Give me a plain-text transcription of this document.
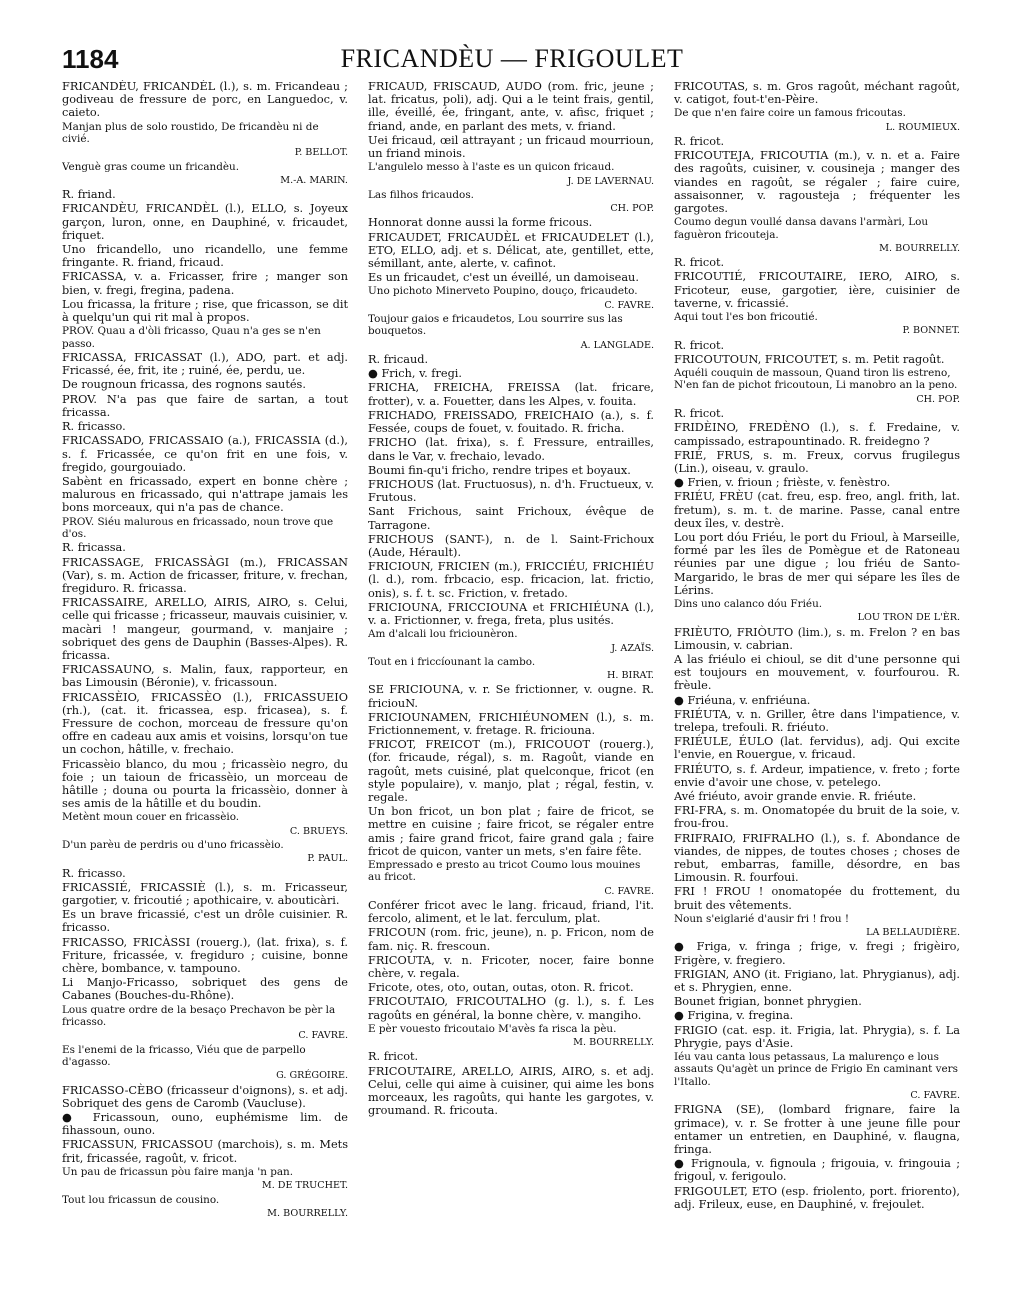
1184	FRICANDÈU — FRIGOULET

FRICANDÈU, FRICANDÈL (l.), s. m. Fricandeau ; godiveau de fressure de porc, en Languedoc, v. caieto.

Manjan plus de solo roustido, De fricandèu ni de civié.

P. BELLOT.

Venguè gras coume un fricandèu.

M.-A. MARIN.

R. friand.

FRICANDÈU, FRICANDÈL (l.), ELLO, s. Joyeux garçon, luron, onne, en Dauphiné, v. fricaudet, friquet.

Uno fricandello, uno ricandello, une femme fringante. R. friand, fricaud.

FRICASSA, v. a. Fricasser, frire ; manger son bien, v. fregi, fregina, padena.

Lou fricassa, la friture ; rise, que fricasson, se dit à quelqu'un qui rit mal à propos.

PROV. Quau a d'òli fricasso, Quau n'a ges se n'en passo.

FRICASSA, FRICASSAT (l.), ADO, part. et adj. Fricassé, ée, frit, ite ; ruiné, ée, perdu, ue.

De rougnoun fricassa, des rognons sautés.

PROV. N'a pas que faire de sartan, a tout fricassa.

R. fricasso.

FRICASSADO, FRICASSAIO (a.), FRICASSIA (d.), s. f. Fricassée, ce qu'on frit en une fois, v. fregido, gourgouiado.

Sabènt en fricassado, expert en bonne chère ; malurous en fricassado, qui n'attrape jamais les bons morceaux, qui n'a pas de chance.

PROV. Siéu malurous en fricassado, noun trove que d'os.

R. fricassa.

FRICASSAGE, FRICASSÀGI (m.), FRICASSAN (Var), s. m. Action de fricasser, friture, v. frechan, fregiduro. R. fricassa.

FRICASSAIRE, ARELLO, AIRIS, AIRO, s. Celui, celle qui fricasse ; fricasseur, mauvais cuisinier, v. macàri ! mangeur, gourmand, v. manjaire ; sobriquet des gens de Dauphin (Basses-Alpes). R. fricassa.

FRICASSAUNO, s. Malin, faux, rapporteur, en bas Limousin (Béronie), v. fricassoun.

FRICASSÈIO, FRICASSÈO (l.), FRICASSUEIO (rh.), (cat. it. fricassea, esp. fricasea), s. f. Fressure de cochon, morceau de fressure qu'on offre en cadeau aux amis et voisins, lorsqu'on tue un cochon, hâtille, v. frechaio.

Fricassèio blanco, du mou ; fricassèio negro, du foie ; un taioun de fricassèio, un morceau de hâtille ; douna ou pourta la fricassèio, donner à ses amis de la hâtille et du boudin.

Metènt moun couer en fricassèio.

C. BRUEYS.

D'un parèu de perdris ou d'uno fricassèio.

P. PAUL.

R. fricasso.

FRICASSIÉ, FRICASSIÈ (l.), s. m. Fricasseur, gargotier, v. fricoutié ; apothicaire, v. abouticàri.

Es un brave fricassié, c'est un drôle cuisinier. R. fricasso.

FRICASSO, FRICÀSSI (rouerg.), (lat. frixa), s. f. Friture, fricassée, v. fregiduro ; cuisine, bonne chère, bombance, v. tampouno.

Li Manjo-Fricasso, sobriquet des gens de Cabanes (Bouches-du-Rhône).

Lous quatre ordre de la besaço Prechavon be pèr la fricasso.

C. FAVRE.

Es l'enemi de la fricasso, Viéu que de parpello d'agasso.

G. GRÉGOIRE.

FRICASSO-CÈBO (fricasseur d'oignons), s. et adj. Sobriquet des gens de Caromb (Vaucluse).

● Fricassoun, ouno, euphémisme lim. de fihassoun, ouno.

FRICASSUN, FRICASSOU (marchois), s. m. Mets frit, fricassée, ragoût, v. fricot.

Un pau de fricassun pòu faire manja 'n pan.

M. DE TRUCHET.

Tout lou fricassun de cousino.

M. BOURRELLY.

FRICAUD, FRISCAUD, AUDO (rom. fric, jeune ; lat. fricatus, poli), adj. Qui a le teint frais, gentil, ille, éveillé, ée, fringant, ante, v. afisc, friquet ; friand, ande, en parlant des mets, v. friand.

Uei fricaud, œil attrayant ; un fricaud mourrioun, un friand minois.

L'angulelo messo à l'aste es un quicon fricaud.

J. DE LAVERNAU.

Las filhos fricaudos.

CH. POP.

Honnorat donne aussi la forme fricous.

FRICAUDET, FRICAUDÈL et FRICAUDELET (l.), ETO, ELLO, adj. et s. Délicat, ate, gentillet, ette, sémillant, ante, alerte, v. cafinot.

Es un fricaudet, c'est un éveillé, un damoiseau.

Uno pichoto Minerveto Poupino, douço, fricaudeto.

C. FAVRE.

Toujour gaios e fricaudetos, Lou sourrire sus las bouquetos.

A. LANGLADE.

R. fricaud.

● Frich, v. fregi.

FRICHA, FREICHA, FREISSA (lat. fricare, frotter), v. a. Fouetter, dans les Alpes, v. fouita.

FRICHADO, FREISSADO, FREICHAIO (a.), s. f. Fessée, coups de fouet, v. fouitado. R. fricha.

FRICHO (lat. frixa), s. f. Fressure, entrailles, dans le Var, v. frechaio, levado.

Boumi fin-qu'i fricho, rendre tripes et boyaux.

FRICHOUS (lat. Fructuosus), n. d'h. Fructueux, v. Frutous.

Sant Frichous, saint Frichoux, évêque de Tarragone.

FRICHOUS (SANT-), n. de l. Saint-Frichoux (Aude, Hérault).

FRICIOUN, FRICIEN (m.), FRICCIÉU, FRICHIÉU (l. d.), rom. frbcacio, esp. fricacion, lat. frictio, onis), s. f. t. sc. Friction, v. fretado.

FRICIOUNA, FRICCIOUNA et FRICHIÉUNA (l.), v. a. Frictionner, v. frega, freta, plus usités.

Am d'alcali lou friciounèron.

J. AZAÏS.

Tout en i friccíounant la cambo.

H. BIRAT.

SE FRICIOUNA, v. r. Se frictionner, v. ougne. R. friciouN.

FRICIOUNAMEN, FRICHIÉUNOMEN (l.), s. m. Frictionnement, v. fretage. R. friciouna.

FRICOT, FREICOT (m.), FRICOUOT (rouerg.), (for. fricaude, régal), s. m. Ragoût, viande en ragoût, mets cuisiné, plat quelconque, fricot (en style populaire), v. manjo, plat ; régal, festin, v. regale.

Un bon fricot, un bon plat ; faire de fricot, se mettre en cuisine ; faire fricot, se régaler entre amis ; faire grand fricot, faire grand gala ; faire fricot de quicon, vanter un mets, s'en faire fête.

Empressado e presto au tricot Coumo lous mouines au fricot.

C. FAVRE.

Conférer fricot avec le lang. fricaud, friand, l'it. fercolo, aliment, et le lat. ferculum, plat.

FRICOUN (rom. fric, jeune), n. p. Fricon, nom de fam. niç. R. frescoun.

FRICOUTA, v. n. Fricoter, nocer, faire bonne chère, v. regala.

Fricote, otes, oto, outan, outas, oton. R. fricot.

FRICOUTAIO, FRICOUTALHO (g. l.), s. f. Les ragoûts en général, la bonne chère, v. mangiho.

E pèr vouesto fricoutaio M'avès fa risca la pèu.

M. BOURRELLY.

R. fricot.

FRICOUTAIRE, ARELLO, AIRIS, AIRO, s. et adj. Celui, celle qui aime à cuisiner, qui aime les bons morceaux, les ragoûts, qui hante les gargotes, v. groumand. R. fricouta.

FRICOUTAS, s. m. Gros ragoût, méchant ragoût, v. catigot, fout-t'en-Pèire.

De que n'en faire coire un famous fricoutas.

L. ROUMIEUX.

R. fricot.

FRICOUTEJA, FRICOUTIA (m.), v. n. et a. Faire des ragoûts, cuisiner, v. cousineja ; manger des viandes en ragoût, se régaler ; faire cuire, assaisonner, v. ragousteja ; fréquenter les gargotes.

Coumo degun voullé dansa davans l'armàri, Lou faguèron fricouteja.

M. BOURRELLY.

R. fricot.

FRICOUTIÉ, FRICOUTAIRE, IERO, AIRO, s. Fricoteur, euse, gargotier, ière, cuisinier de taverne, v. fricassié.

Aqui tout l'es bon fricoutié.

P. BONNET.

R. fricot.

FRICOUTOUN, FRICOUTET, s. m. Petit ragoût.

Aquéli couquin de massoun, Quand tiron lis estreno, N'en fan de pichot fricoutoun, Li manobro an la peno.

CH. POP.

R. fricot.

FRIDÈINO, FREDÈNO (l.), s. f. Fredaine, v. campissado, estrapountinado. R. freidegno ?

FRIÉ, FRUS, s. m. Freux, corvus frugilegus (Lin.), oiseau, v. graulo.

● Frien, v. frioun ; frièste, v. fenèstro.

FRIÉU, FRÈU (cat. freu, esp. freo, angl. frith, lat. fretum), s. m. t. de marine. Passe, canal entre deux îles, v. destrè.

Lou port dóu Friéu, le port du Frioul, à Marseille, formé par les îles de Pomègue et de Ratoneau réunies par une digue ; lou friéu de Santo-Margarido, le bras de mer qui sépare les îles de Lérins.

Dins uno calanco dóu Friéu.

LOU TRON DE L'ÈR.

FRIÈUTO, FRIÒUTO (lim.), s. m. Frelon ? en bas Limousin, v. cabrian.

A las friéulo ei chioul, se dit d'une personne qui est toujours en mouvement, v. fourfourou. R. frèule.

● Friéuna, v. enfriéuna.

FRIÉUTA, v. n. Griller, être dans l'impatience, v. trelepa, trefouli. R. friéuto.

FRIÉULE, ÉULO (lat. fervidus), adj. Qui excite l'envie, en Rouergue, v. fricaud.

FRIÉUTO, s. f. Ardeur, impatience, v. freto ; forte envie d'avoir une chose, v. petelego.

Avé friéuto, avoir grande envie. R. friéute.

FRI-FRA, s. m. Onomatopée du bruit de la soie, v. frou-frou.

FRIFRAIO, FRIFRALHO (l.), s. f. Abondance de viandes, de nippes, de toutes choses ; choses de rebut, embarras, famille, désordre, en bas Limousin. R. fourfoui.

FRI ! FROU ! onomatopée du frottement, du bruit des vêtements.

Noun s'eiglarié d'ausir fri ! frou !

LA BELLAUDIÈRE.

● Friga, v. fringa ; frige, v. fregi ; frigèiro, Frigère, v. fregiero.

FRIGIAN, ANO (it. Frigiano, lat. Phrygianus), adj. et s. Phrygien, enne.

Bounet frigian, bonnet phrygien.

● Frigina, v. fregina.

FRIGIO (cat. esp. it. Frigia, lat. Phrygia), s. f. La Phrygie, pays d'Asie.

Iéu vau canta lous petassaus, La malurenço e lous assauts Qu'agèt un prince de Frigio En caminant vers l'Itallo.

C. FAVRE.

FRIGNA (SE), (lombard frignare, faire la grimace), v. r. Se frotter à une jeune fille pour entamer un entretien, en Dauphiné, v. flaugna, fringa.

● Frignoula, v. fignoula ; frigouia, v. fringouia ; frigoul, v. ferigoulo.

FRIGOULET, ETO (esp. friolento, port. friorento), adj. Frileux, euse, en Dauphiné, v. frejoulet.
